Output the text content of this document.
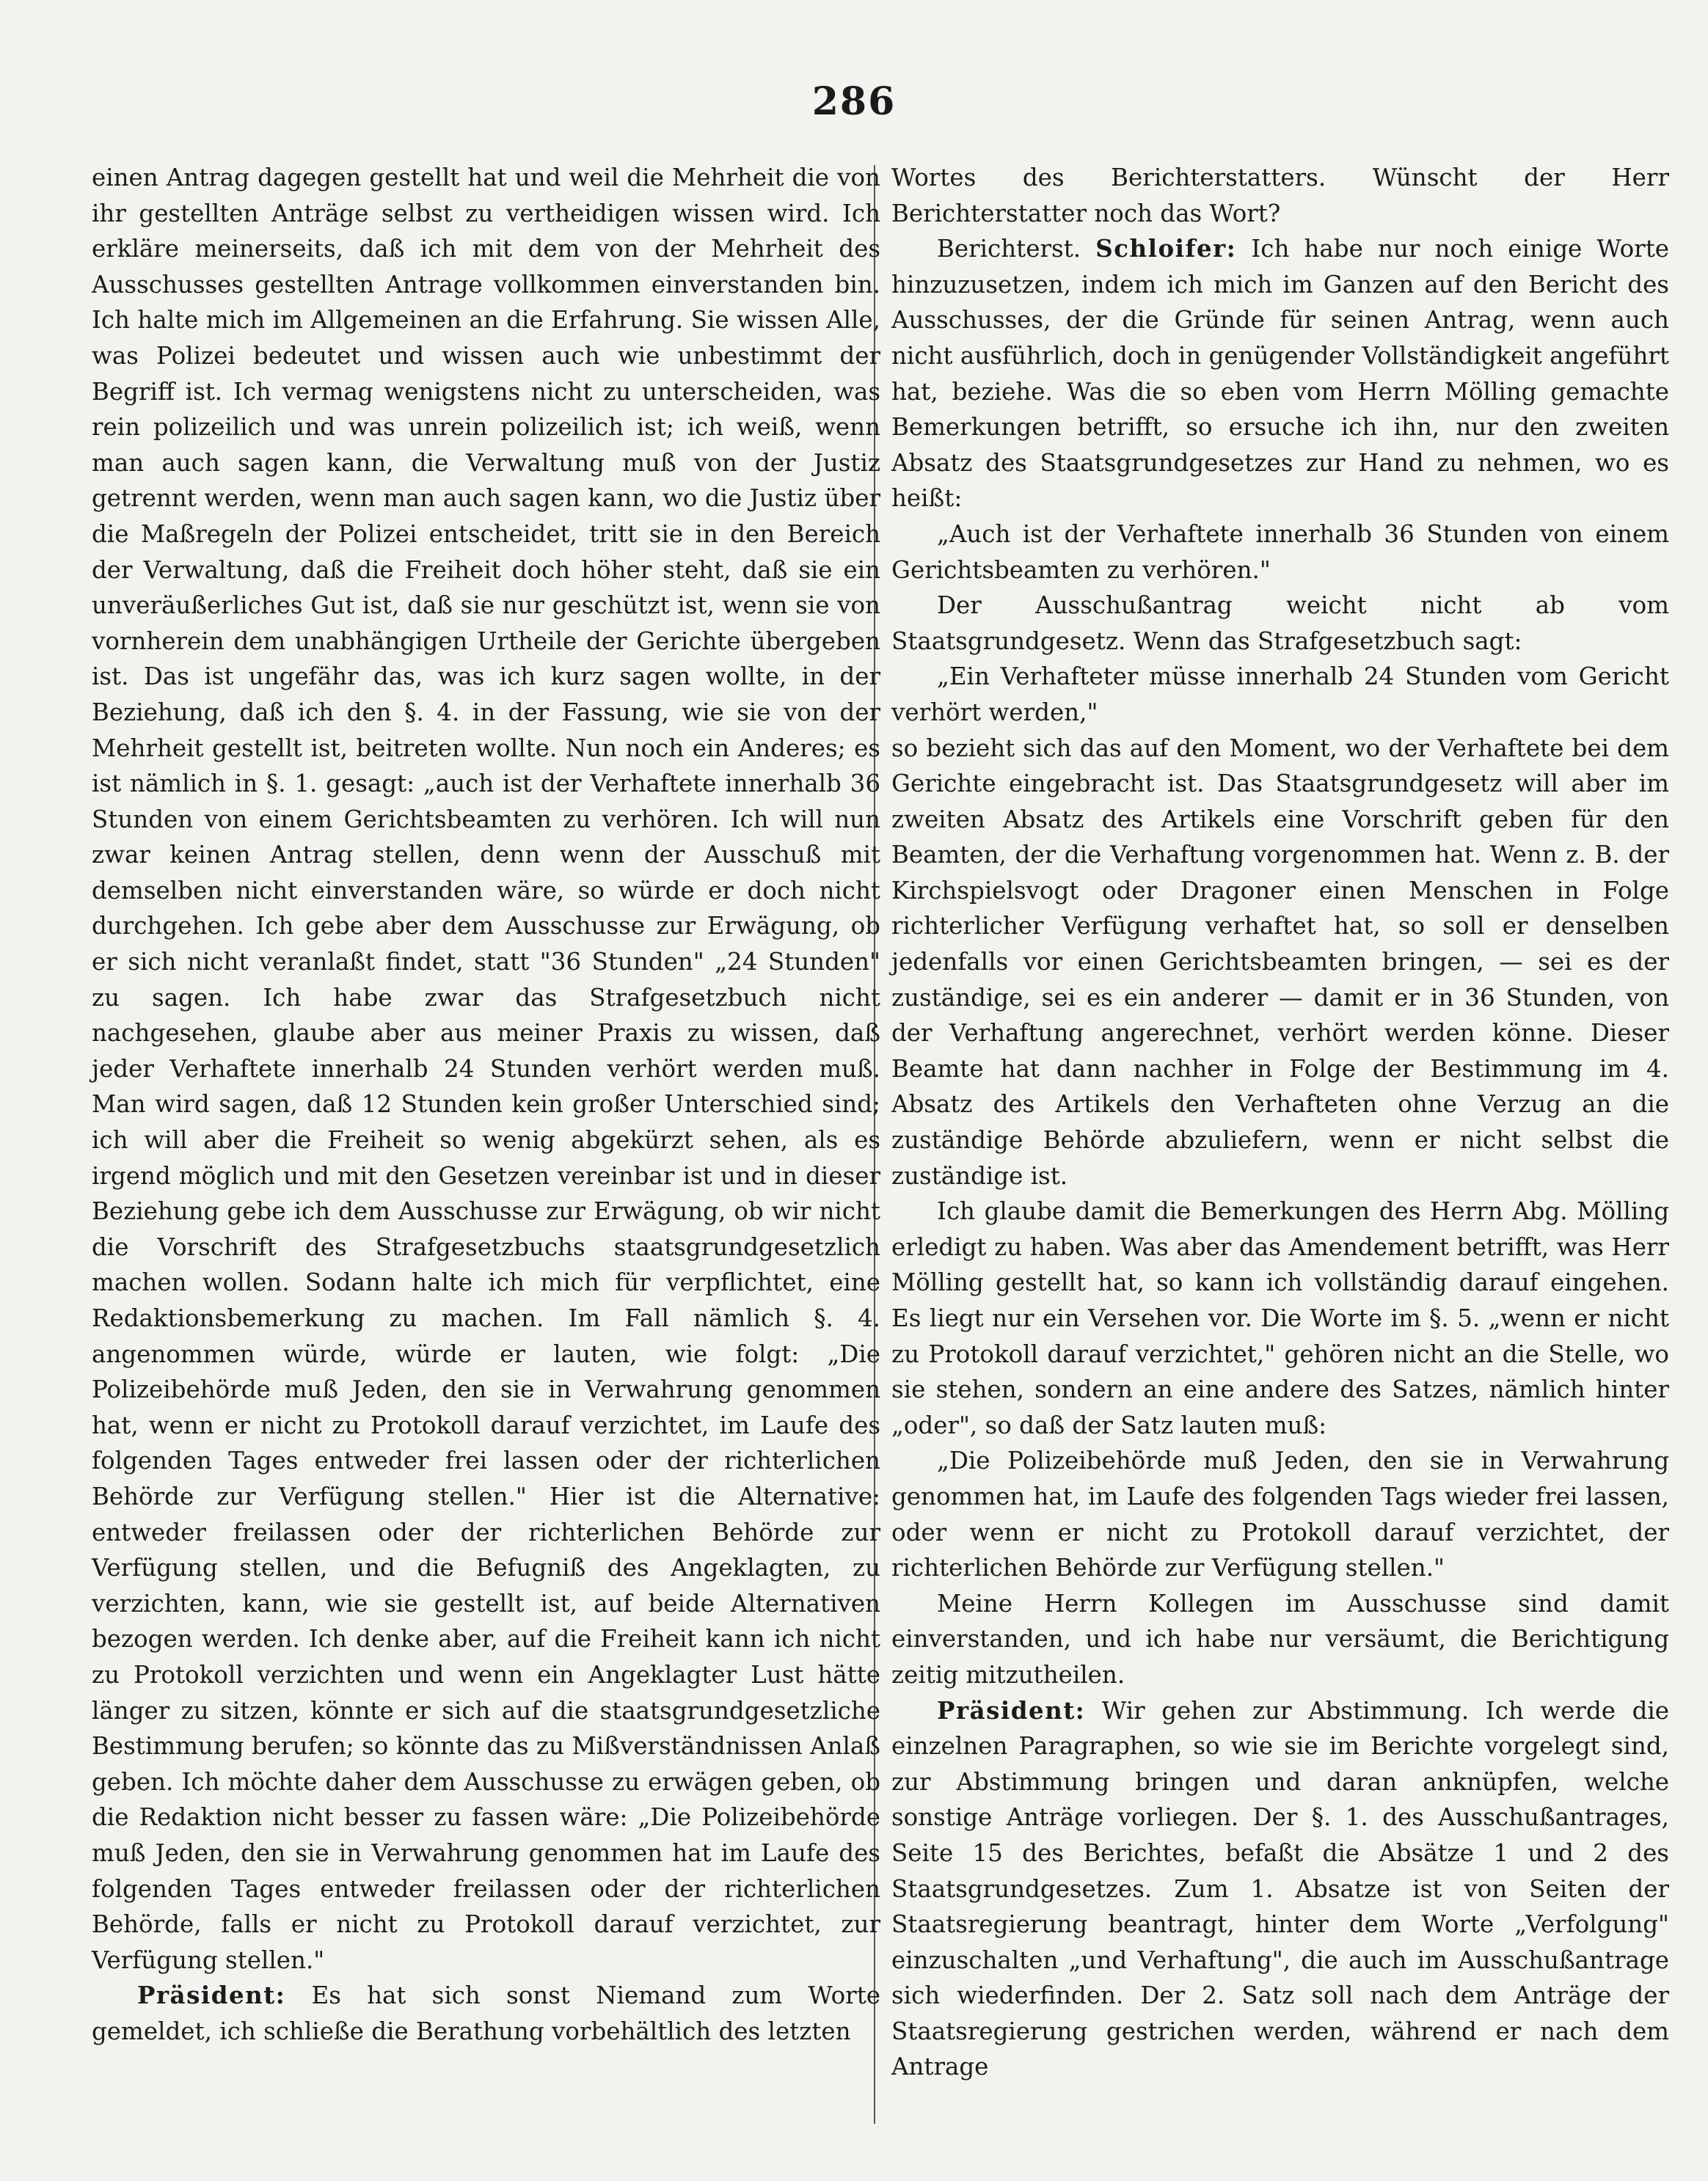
286

einen Antrag dagegen gestellt hat und weil die Mehrheit die von ihr gestellten Anträge selbst zu vertheidigen wissen wird. Ich erkläre meinerseits, daß ich mit dem von der Mehrheit des Ausschusses gestellten Antrage vollkommen einverstanden bin. Ich halte mich im Allgemeinen an die Erfahrung. Sie wissen Alle, was Polizei bedeutet und wissen auch wie unbestimmt der Begriff ist. Ich vermag wenigstens nicht zu unterscheiden, was rein polizeilich und was unrein polizeilich ist; ich weiß, wenn man auch sagen kann, die Verwaltung muß von der Justiz getrennt werden, wenn man auch sagen kann, wo die Justiz über die Maßregeln der Polizei entscheidet, tritt sie in den Bereich der Verwaltung, daß die Freiheit doch höher steht, daß sie ein unveräußerliches Gut ist, daß sie nur geschützt ist, wenn sie von vornherein dem unabhängigen Urtheile der Gerichte übergeben ist. Das ist ungefähr das, was ich kurz sagen wollte, in der Beziehung, daß ich den §. 4. in der Fassung, wie sie von der Mehrheit gestellt ist, beitreten wollte. Nun noch ein Anderes; es ist nämlich in §. 1. gesagt: „auch ist der Verhaftete innerhalb 36 Stunden von einem Gerichtsbeamten zu verhören. Ich will nun zwar keinen Antrag stellen, denn wenn der Ausschuß mit demselben nicht einverstanden wäre, so würde er doch nicht durchgehen. Ich gebe aber dem Ausschusse zur Erwägung, ob er sich nicht veranlaßt findet, statt "36 Stunden" „24 Stunden" zu sagen. Ich habe zwar das Strafgesetzbuch nicht nachgesehen, glaube aber aus meiner Praxis zu wissen, daß jeder Verhaftete innerhalb 24 Stunden verhört werden muß. Man wird sagen, daß 12 Stunden kein großer Unterschied sind; ich will aber die Freiheit so wenig abgekürzt sehen, als es irgend möglich und mit den Gesetzen vereinbar ist und in dieser Beziehung gebe ich dem Ausschusse zur Erwägung, ob wir nicht die Vorschrift des Strafgesetzbuchs staatsgrundgesetzlich machen wollen. Sodann halte ich mich für verpflichtet, eine Redaktionsbemerkung zu machen. Im Fall nämlich §. 4. angenommen würde, würde er lauten, wie folgt: „Die Polizeibehörde muß Jeden, den sie in Verwahrung genommen hat, wenn er nicht zu Protokoll darauf verzichtet, im Laufe des folgenden Tages entweder frei lassen oder der richterlichen Behörde zur Verfügung stellen." Hier ist die Alternative: entweder freilassen oder der richterlichen Behörde zur Verfügung stellen, und die Befugniß des Angeklagten, zu verzichten, kann, wie sie gestellt ist, auf beide Alternativen bezogen werden. Ich denke aber, auf die Freiheit kann ich nicht zu Protokoll verzichten und wenn ein Angeklagter Lust hätte länger zu sitzen, könnte er sich auf die staatsgrundgesetzliche Bestimmung berufen; so könnte das zu Mißverständnissen Anlaß geben. Ich möchte daher dem Ausschusse zu erwägen geben, ob die Redaktion nicht besser zu fassen wäre: „Die Polizeibehörde muß Jeden, den sie in Verwahrung genommen hat im Laufe des folgenden Tages entweder freilassen oder der richterlichen Behörde, falls er nicht zu Protokoll darauf verzichtet, zur Verfügung stellen."

Präsident: Es hat sich sonst Niemand zum Worte gemeldet, ich schließe die Berathung vorbehältlich des letzten

Wortes des Berichterstatters. Wünscht der Herr Berichterstatter noch das Wort?

Berichterst. Schloifer: Ich habe nur noch einige Worte hinzuzusetzen, indem ich mich im Ganzen auf den Bericht des Ausschusses, der die Gründe für seinen Antrag, wenn auch nicht ausführlich, doch in genügender Vollständigkeit angeführt hat, beziehe. Was die so eben vom Herrn Mölling gemachte Bemerkungen betrifft, so ersuche ich ihn, nur den zweiten Absatz des Staatsgrundgesetzes zur Hand zu nehmen, wo es heißt:

„Auch ist der Verhaftete innerhalb 36 Stunden von einem Gerichtsbeamten zu verhören."

Der Ausschußantrag weicht nicht ab vom Staatsgrundgesetz. Wenn das Strafgesetzbuch sagt:

„Ein Verhafteter müsse innerhalb 24 Stunden vom Gericht verhört werden,"

so bezieht sich das auf den Moment, wo der Verhaftete bei dem Gerichte eingebracht ist. Das Staatsgrundgesetz will aber im zweiten Absatz des Artikels eine Vorschrift geben für den Beamten, der die Verhaftung vorgenommen hat. Wenn z. B. der Kirchspielsvogt oder Dragoner einen Menschen in Folge richterlicher Verfügung verhaftet hat, so soll er denselben jedenfalls vor einen Gerichtsbeamten bringen, — sei es der zuständige, sei es ein anderer — damit er in 36 Stunden, von der Verhaftung angerechnet, verhört werden könne. Dieser Beamte hat dann nachher in Folge der Bestimmung im 4. Absatz des Artikels den Verhafteten ohne Verzug an die zuständige Behörde abzuliefern, wenn er nicht selbst die zuständige ist.

Ich glaube damit die Bemerkungen des Herrn Abg. Mölling erledigt zu haben. Was aber das Amendement betrifft, was Herr Mölling gestellt hat, so kann ich vollständig darauf eingehen. Es liegt nur ein Versehen vor. Die Worte im §. 5. „wenn er nicht zu Protokoll darauf verzichtet," gehören nicht an die Stelle, wo sie stehen, sondern an eine andere des Satzes, nämlich hinter „oder", so daß der Satz lauten muß:

„Die Polizeibehörde muß Jeden, den sie in Verwahrung genommen hat, im Laufe des folgenden Tags wieder frei lassen, oder wenn er nicht zu Protokoll darauf verzichtet, der richterlichen Behörde zur Verfügung stellen."

Meine Herrn Kollegen im Ausschusse sind damit einverstanden, und ich habe nur versäumt, die Berichtigung zeitig mitzutheilen.

Präsident: Wir gehen zur Abstimmung. Ich werde die einzelnen Paragraphen, so wie sie im Berichte vorgelegt sind, zur Abstimmung bringen und daran anknüpfen, welche sonstige Anträge vorliegen. Der §. 1. des Ausschußantrages, Seite 15 des Berichtes, befaßt die Absätze 1 und 2 des Staatsgrundgesetzes. Zum 1. Absatze ist von Seiten der Staatsregierung beantragt, hinter dem Worte „Verfolgung" einzuschalten „und Verhaftung", die auch im Ausschußantrage sich wiederfinden. Der 2. Satz soll nach dem Anträge der Staatsregierung gestrichen werden, während er nach dem Antrage
